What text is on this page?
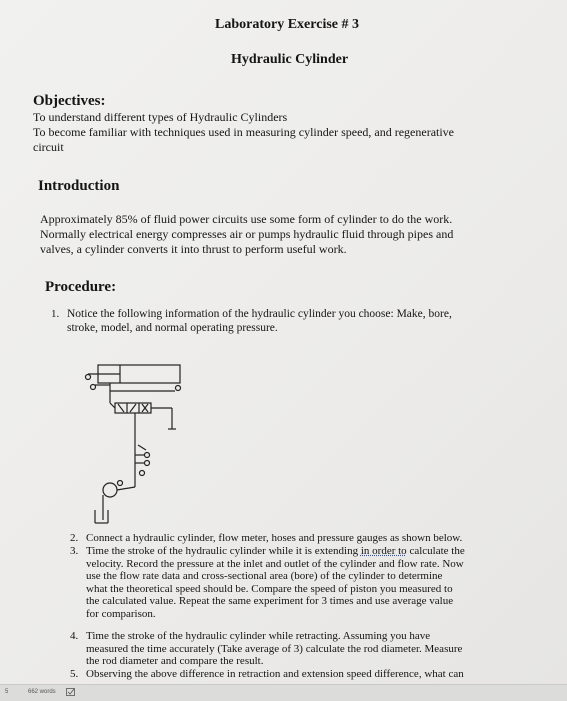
Laboratory Exercise # 3
Hydraulic Cylinder
Objectives:
To understand different types of Hydraulic Cylinders
To become familiar with techniques used in measuring cylinder speed, and regenerative
circuit
Introduction
Approximately 85% of fluid power circuits use some form of cylinder to do the work.
Normally electrical energy compresses air or pumps hydraulic fluid through pipes and
valves, a cylinder converts it into thrust to perform useful work.
Procedure:
1. Notice the following information of the hydraulic cylinder you choose: Make, bore,
stroke, model, and normal operating pressure.
2. Connect a hydraulic cylinder, flow meter, hoses and pressure gauges as shown below.
3. Time the stroke of the hydraulic cylinder while it is extending in order to calculate the
velocity. Record the pressure at the inlet and outlet of the cylinder and flow rate. Now
use the flow rate data and cross-sectional area (bore) of the cylinder to determine
what the theoretical speed should be. Compare the speed of piston you measured to
the calculated value. Repeat the same experiment for 3 times and use average value
for comparison.
4. Time the stroke of the hydraulic cylinder while retracting. Assuming you have
measured the time accurately (Take average of 3) calculate the rod diameter. Measure
the rod diameter and compare the result.
5. Observing the above difference in retraction and extension speed difference, what can
5	662 words
